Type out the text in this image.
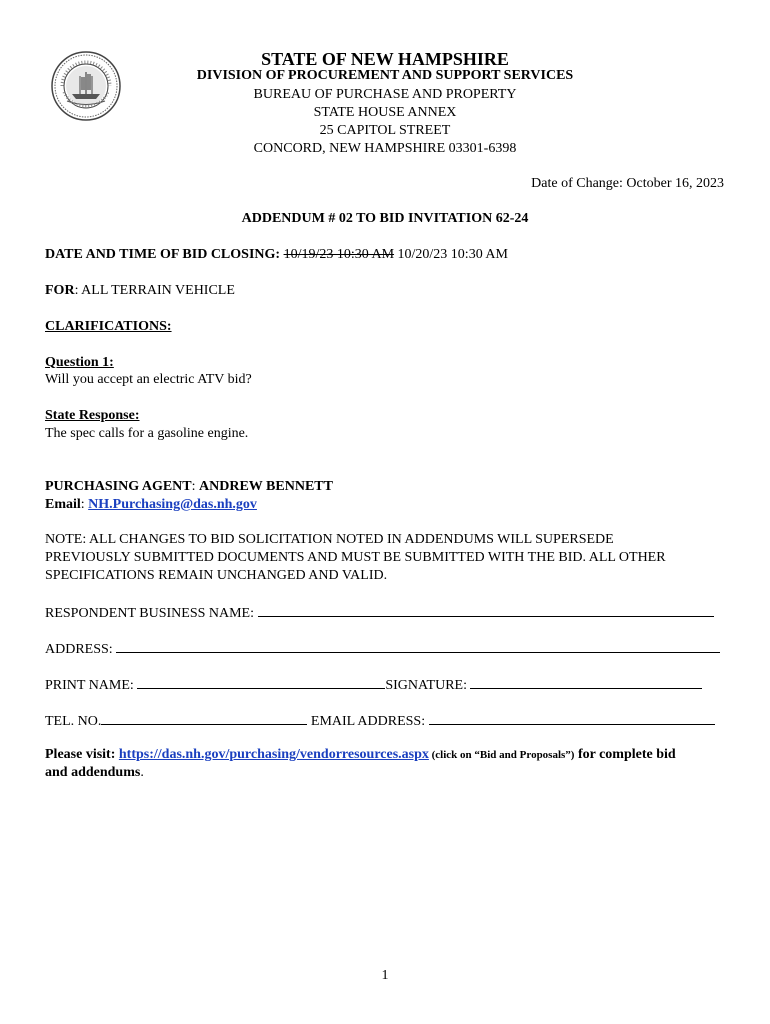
STATE OF NEW HAMPSHIRE
DIVISION OF PROCUREMENT AND SUPPORT SERVICES
BUREAU OF PURCHASE AND PROPERTY
STATE HOUSE ANNEX
25 CAPITOL STREET
CONCORD, NEW HAMPSHIRE 03301-6398
Date of Change: October 16, 2023
ADDENDUM # 02 TO BID INVITATION 62-24
DATE AND TIME OF BID CLOSING: 10/19/23 10:30 AM 10/20/23 10:30 AM
FOR: ALL TERRAIN VEHICLE
CLARIFICATIONS:
Question 1:
Will you accept an electric ATV bid?
State Response:
The spec calls for a gasoline engine.
PURCHASING AGENT: ANDREW BENNETT
Email: NH.Purchasing@das.nh.gov
NOTE: ALL CHANGES TO BID SOLICITATION NOTED IN ADDENDUMS WILL SUPERSEDE
PREVIOUSLY SUBMITTED DOCUMENTS AND MUST BE SUBMITTED WITH THE BID. ALL OTHER
SPECIFICATIONS REMAIN UNCHANGED AND VALID.
RESPONDENT BUSINESS NAME:
ADDRESS:
PRINT NAME:	SIGNATURE:
TEL. NO.	EMAIL ADDRESS:
Please visit: https://das.nh.gov/purchasing/vendorresources.aspx (click on “Bid and Proposals”) for complete bid
and addendums.
1
